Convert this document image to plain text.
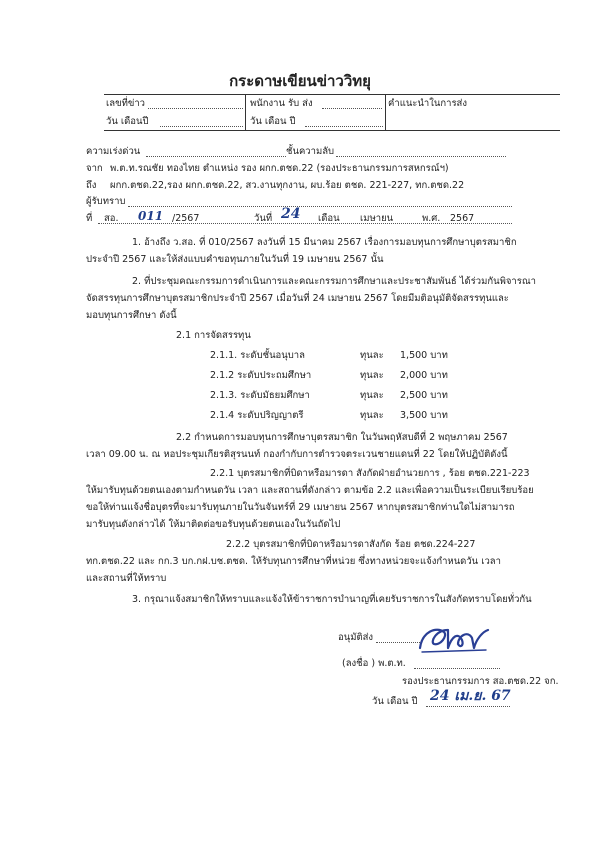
กระดาษเขียนข่าววิทยุ
เลขที่ข่าว	พนักงาน รับ ส่ง	คำแนะนำในการส่ง
วัน เดือนปี	วัน เดือน ปี
ความเร่งด่วน	ชั้นความลับ
จาก พ.ต.ท.รณชัย ทองไทย ตำแหน่ง รอง ผกก.ตชด.22 (รองประธานกรรมการสหกรณ์ฯ)
ถึง ผกก.ตชด.22,รอง ผกก.ตชด.22, สว.งานทุกงาน, ผบ.ร้อย ตชด. 221-227, ทก.ตชด.22
ผู้รับทราบ
ที่ สอ. 011 /2567	วันที่ 24 เดือน เมษายน	พ.ศ. 2567
1. อ้างถึง ว.สอ. ที่ 010/2567 ลงวันที่ 15 มีนาคม 2567 เรื่องการมอบทุนการศึกษาบุตรสมาชิก
ประจำปี 2567 และให้ส่งแบบคำขอทุนภายในวันที่ 19 เมษายน 2567 นั้น
2. ที่ประชุมคณะกรรมการดำเนินการและคณะกรรมการศึกษาและประชาสัมพันธ์ ได้ร่วมกันพิจารณา
จัดสรรทุนการศึกษาบุตรสมาชิกประจำปี 2567 เมื่อวันที่ 24 เมษายน 2567 โดยมีมติอนุมัติจัดสรรทุนและ
มอบทุนการศึกษา ดังนี้
2.1 การจัดสรรทุน
2.1.1. ระดับชั้นอนุบาล	ทุนละ 1,500 บาท
2.1.2 ระดับประถมศึกษา	ทุนละ 2,000 บาท
2.1.3. ระดับมัธยมศึกษา	ทุนละ 2,500 บาท
2.1.4 ระดับปริญญาตรี	ทุนละ 3,500 บาท
2.2 กำหนดการมอบทุนการศึกษาบุตรสมาชิก ในวันพฤหัสบดีที่ 2 พฤษภาคม 2567
เวลา 09.00 น. ณ หอประชุมเกียรติสุรนนท์ กองกำกับการตำรวจตระเวนชายแดนที่ 22 โดยให้ปฏิบัติดังนี้
2.2.1 บุตรสมาชิกที่บิดาหรือมารดา สังกัดฝ่ายอำนวยการ , ร้อย ตชด.221-223
ให้มารับทุนด้วยตนเองตามกำหนดวัน เวลา และสถานที่ดังกล่าว ตามข้อ 2.2 และเพื่อความเป็นระเบียบเรียบร้อย
ขอให้ท่านแจ้งชื่อบุตรที่จะมารับทุนภายในวันจันทร์ที่ 29 เมษายน 2567 หากบุตรสมาชิกท่านใดไม่สามารถ
มารับทุนดังกล่าวได้ ให้มาติดต่อขอรับทุนด้วยตนเองในวันถัดไป
2.2.2 บุตรสมาชิกที่บิดาหรือมารดาสังกัด ร้อย ตชด.224-227
ทก.ตชด.22 และ กก.3 บก.กฝ.บช.ตชด. ให้รับทุนการศึกษาที่หน่วย ซึ่งทางหน่วยจะแจ้งกำหนดวัน เวลา
และสถานที่ให้ทราบ
3. กรุณาแจ้งสมาชิกให้ทราบและแจ้งให้ข้าราชการบำนาญที่เคยรับราชการในสังกัดทราบโดยทั่วกัน
อนุมัติส่ง
(ลงชื่อ ) พ.ต.ท.
รองประธานกรรมการ สอ.ตชด.22 จก.
วัน เดือน ปี 24 เม.ย. 67
